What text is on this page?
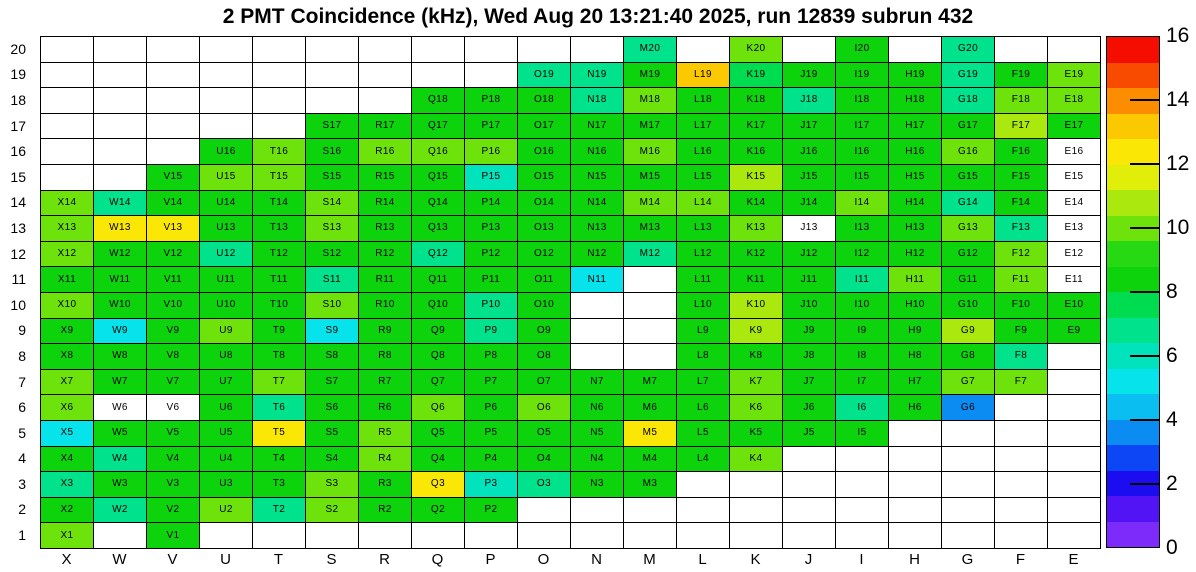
2 PMT Coincidence (kHz), Wed Aug 20 13:21:40 2025, run 12839 subrun 432
20
19
18
17
16
15
14
13
12
11
10
9
8
7
6
5
4
3
2
1
M20	K20	I20	G20
O19	N19	M19	L19	K19	J19	I19	H19	G19	F19	E19
Q18	P18	O18	N18	M18	L18	K18	J18	I18	H18	G18	F18	E18
S17	R17	Q17	P17	O17	N17	M17	L17	K17	J17	I17	H17	G17	F17	E17
U16	T16	S16	R16	Q16	P16	O16	N16	M16	L16	K16	J16	I16	H16	G16	F16	E16
V15	U15	T15	S15	R15	Q15	P15	O15	N15	M15	L15	K15	J15	I15	H15	G15	F15	E15
X14	W14	V14	U14	T14	S14	R14	Q14	P14	O14	N14	M14	L14	K14	J14	I14	H14	G14	F14	E14
X13	W13	V13	U13	T13	S13	R13	Q13	P13	O13	N13	M13	L13	K13	J13	I13	H13	G13	F13	E13
X12	W12	V12	U12	T12	S12	R12	Q12	P12	O12	N12	M12	L12	K12	J12	I12	H12	G12	F12	E12
X11	W11	V11	U11	T11	S11	R11	Q11	P11	O11	N11	L11	K11	J11	I11	H11	G11	F11	E11
X10	W10	V10	U10	T10	S10	R10	Q10	P10	O10	L10	K10	J10	I10	H10	G10	F10	E10
X9	W9	V9	U9	T9	S9	R9	Q9	P9	O9	L9	K9	J9	I9	H9	G9	F9	E9
X8	W8	V8	U8	T8	S8	R8	Q8	P8	O8	L8	K8	J8	I8	H8	G8	F8
X7	W7	V7	U7	T7	S7	R7	Q7	P7	O7	N7	M7	L7	K7	J7	I7	H7	G7	F7
X6	W6	V6	U6	T6	S6	R6	Q6	P6	O6	N6	M6	L6	K6	J6	I6	H6	G6
X5	W5	V5	U5	T5	S5	R5	Q5	P5	O5	N5	M5	L5	K5	J5	I5
X4	W4	V4	U4	T4	S4	R4	Q4	P4	O4	N4	M4	L4	K4
X3	W3	V3	U3	T3	S3	R3	Q3	P3	O3	N3	M3
X2	W2	V2	U2	T2	S2	R2	Q2	P2
X1	V1
X	W	V	U	T	S	R	Q	P	O	N	M	L	K	J	I	H	G	F	E
0
2
4
6
8
10
12
14
16
